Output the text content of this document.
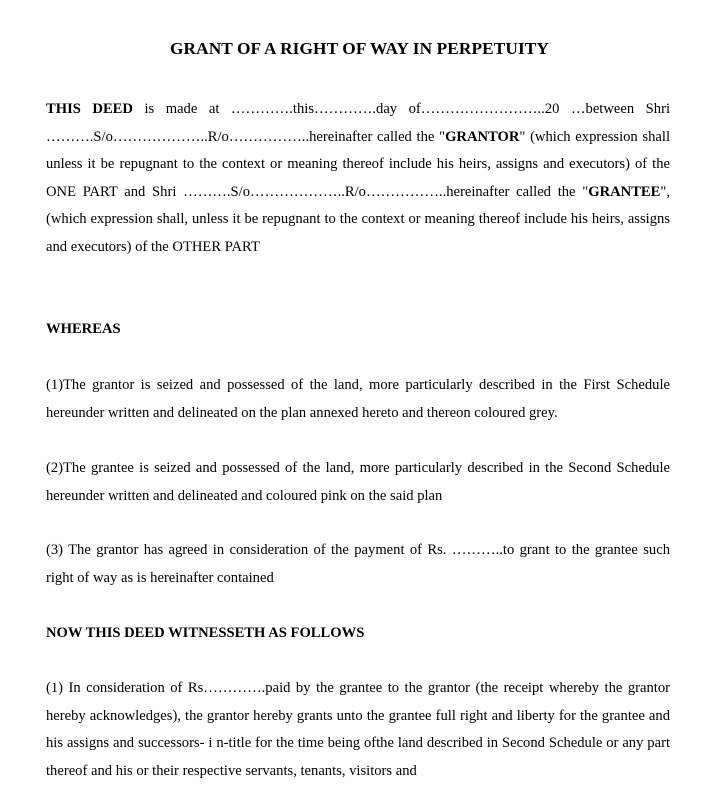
GRANT OF A RIGHT OF WAY IN PERPETUITY

THIS DEED is made at ………….this………….day of……………………..20 …between Shri ……….S/o………………..R/o……………..hereinafter called the "GRANTOR" (which expression shall unless it be repugnant to the context or meaning thereof include his heirs, assigns and executors) of the ONE PART and Shri ……….S/o………………..R/o……………..hereinafter called the "GRANTEE",(which expression shall, unless it be repugnant to the context or meaning thereof include his heirs, assigns and executors) of the OTHER PART

WHEREAS

(1)The grantor is seized and possessed of the land, more particularly described in the First Schedule hereunder written and delineated on the plan annexed hereto and thereon coloured grey.

(2)The grantee is seized and possessed of the land, more particularly described in the Second Schedule hereunder written and delineated and coloured pink on the said plan

(3) The grantor has agreed in consideration of the payment of Rs. ………..to grant to the grantee such right of way as is hereinafter contained

NOW THIS DEED WITNESSETH AS FOLLOWS

(1) In consideration of Rs………….paid by the grantee to the grantor (the receipt whereby the grantor hereby acknowledges), the grantor hereby grants unto the grantee full right and liberty for the grantee and his assigns and successors- i n-title for the time being ofthe land described in Second Schedule or any part thereof and his or their respective servants, tenants, visitors and
